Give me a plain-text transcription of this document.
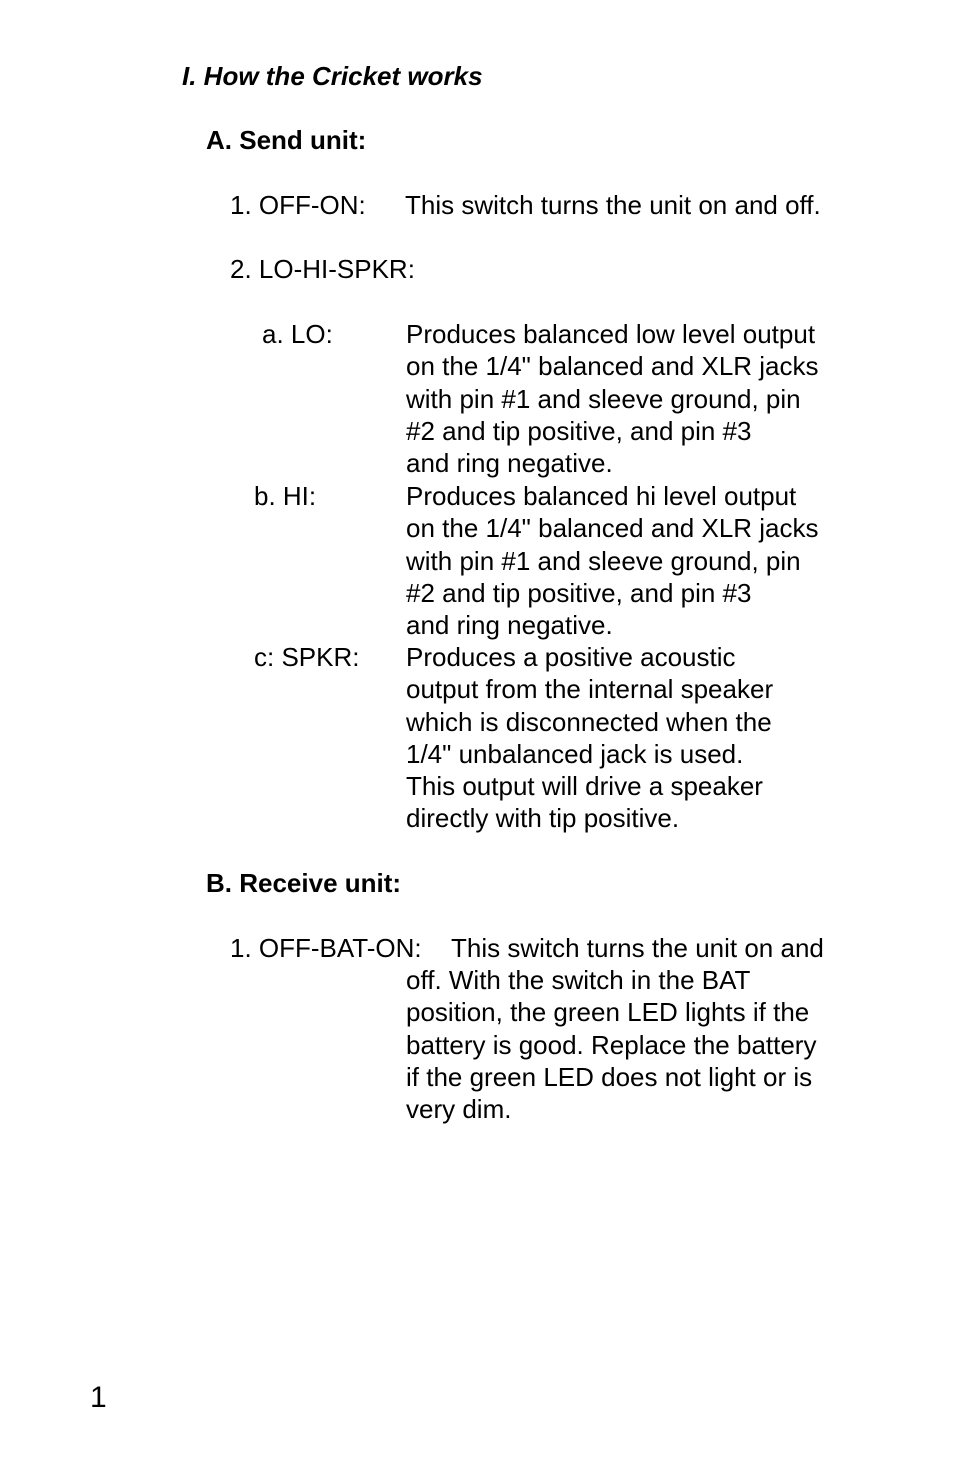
I. How the Cricket works
A. Send unit:
1. OFF-ON: This switch turns the unit on and off.
2. LO-HI-SPKR:
a. LO:	Produces balanced low level output
on the 1/4" balanced and XLR jacks
with pin #1 and sleeve ground, pin
#2 and tip positive, and pin #3
and ring negative.
b. HI:	Produces balanced hi level output
on the 1/4" balanced and XLR jacks
with pin #1 and sleeve ground, pin
#2 and tip positive, and pin #3
and ring negative.
c: SPKR: Produces a positive acoustic
output from the internal speaker
which is disconnected when the
1/4" unbalanced jack is used.
This output will drive a speaker
directly with tip positive.
B. Receive unit:
1. OFF-BAT-ON: This switch turns the unit on and
off. With the switch in the BAT
position, the green LED lights if the
battery is good. Replace the battery
if the green LED does not light or is
very dim.
1
